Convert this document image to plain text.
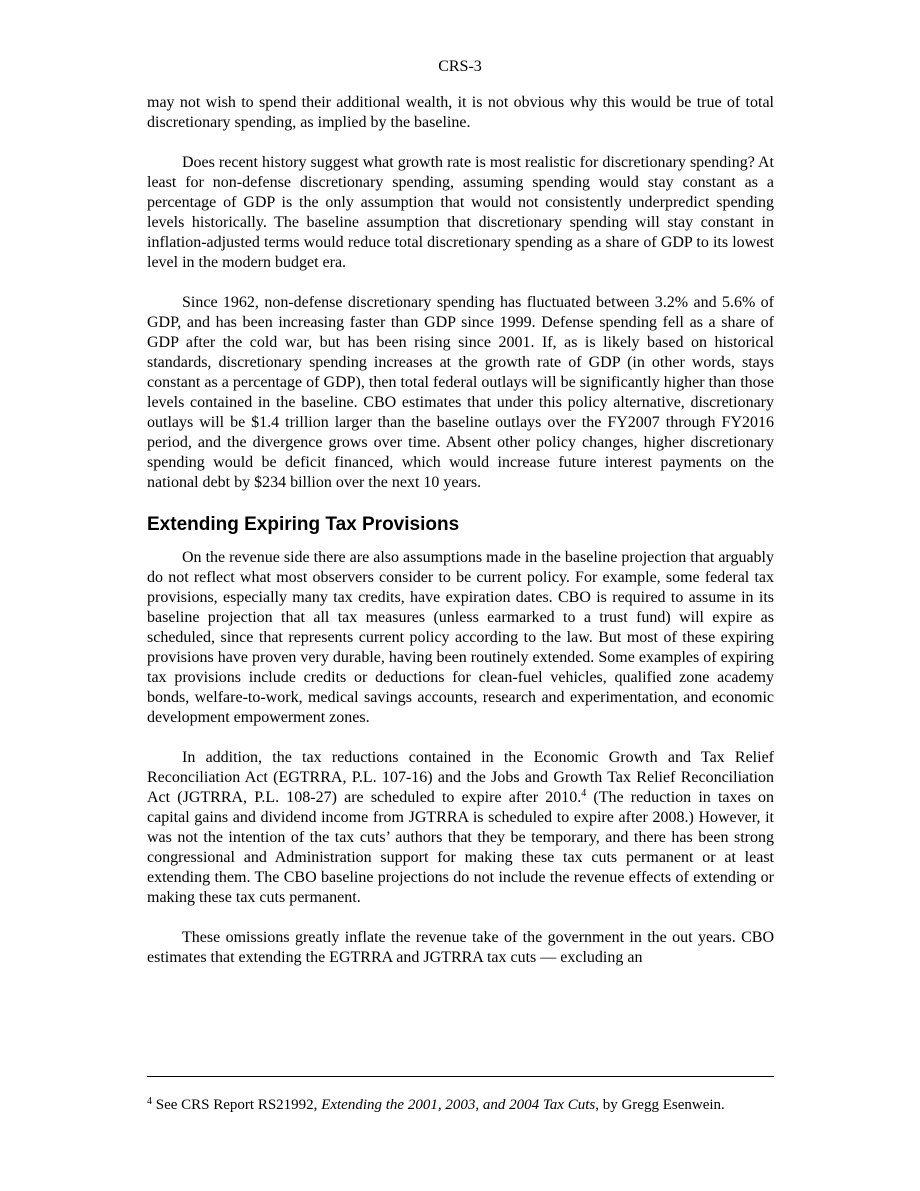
CRS-3

may not wish to spend their additional wealth, it is not obvious why this would be true of total discretionary spending, as implied by the baseline.

Does recent history suggest what growth rate is most realistic for discretionary spending? At least for non-defense discretionary spending, assuming spending would stay constant as a percentage of GDP is the only assumption that would not consistently underpredict spending levels historically. The baseline assumption that discretionary spending will stay constant in inflation-adjusted terms would reduce total discretionary spending as a share of GDP to its lowest level in the modern budget era.

Since 1962, non-defense discretionary spending has fluctuated between 3.2% and 5.6% of GDP, and has been increasing faster than GDP since 1999. Defense spending fell as a share of GDP after the cold war, but has been rising since 2001. If, as is likely based on historical standards, discretionary spending increases at the growth rate of GDP (in other words, stays constant as a percentage of GDP), then total federal outlays will be significantly higher than those levels contained in the baseline. CBO estimates that under this policy alternative, discretionary outlays will be $1.4 trillion larger than the baseline outlays over the FY2007 through FY2016 period, and the divergence grows over time. Absent other policy changes, higher discretionary spending would be deficit financed, which would increase future interest payments on the national debt by $234 billion over the next 10 years.

Extending Expiring Tax Provisions

On the revenue side there are also assumptions made in the baseline projection that arguably do not reflect what most observers consider to be current policy. For example, some federal tax provisions, especially many tax credits, have expiration dates. CBO is required to assume in its baseline projection that all tax measures (unless earmarked to a trust fund) will expire as scheduled, since that represents current policy according to the law. But most of these expiring provisions have proven very durable, having been routinely extended. Some examples of expiring tax provisions include credits or deductions for clean-fuel vehicles, qualified zone academy bonds, welfare-to-work, medical savings accounts, research and experimentation, and economic development empowerment zones.

In addition, the tax reductions contained in the Economic Growth and Tax Relief Reconciliation Act (EGTRRA, P.L. 107-16) and the Jobs and Growth Tax Relief Reconciliation Act (JGTRRA, P.L. 108-27) are scheduled to expire after 2010.$^4$ (The reduction in taxes on capital gains and dividend income from JGTRRA is scheduled to expire after 2008.) However, it was not the intention of the tax cuts’ authors that they be temporary, and there has been strong congressional and Administration support for making these tax cuts permanent or at least extending them. The CBO baseline projections do not include the revenue effects of extending or making these tax cuts permanent.

These omissions greatly inflate the revenue take of the government in the out years. CBO estimates that extending the EGTRRA and JGTRRA tax cuts — excluding an

$^4$ See CRS Report RS21992, Extending the 2001, 2003, and 2004 Tax Cuts, by Gregg Esenwein.
